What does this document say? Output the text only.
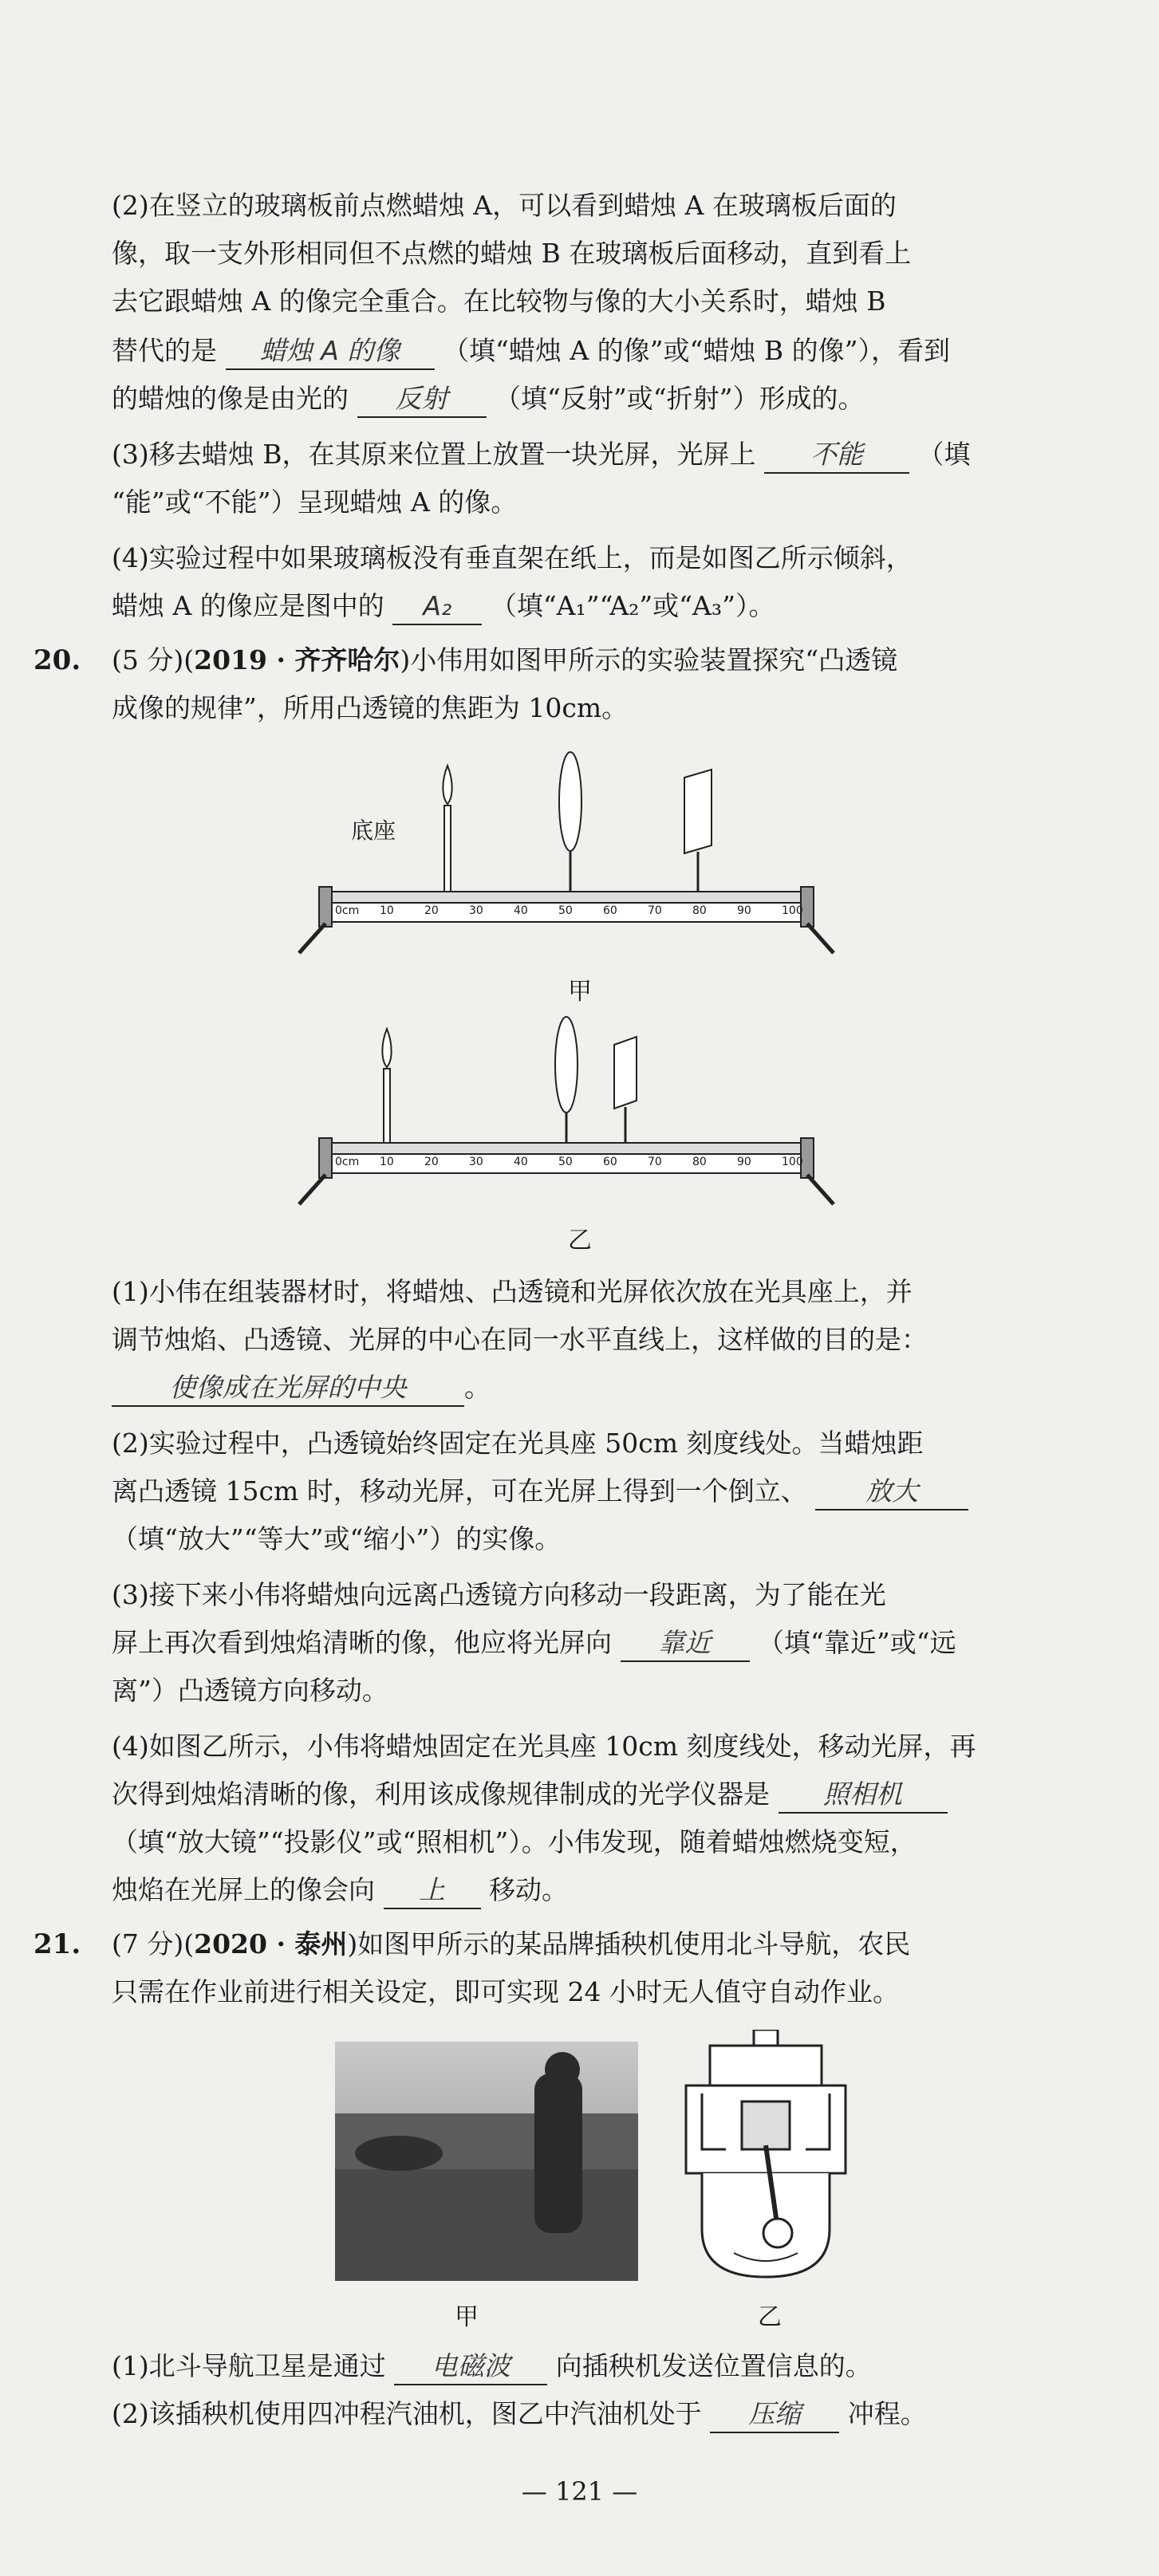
(2)在竖立的玻璃板前点燃蜡烛 A，可以看到蜡烛 A 在玻璃板后面的
像，取一支外形相同但不点燃的蜡烛 B 在玻璃板后面移动，直到看上
去它跟蜡烛 A 的像完全重合。在比较物与像的大小关系时，蜡烛 B
替代的是 蜡烛 A 的像 （填“蜡烛 A 的像”或“蜡烛 B 的像”），看到
的蜡烛的像是由光的 反射 （填“反射”或“折射”）形成的。
(3)移去蜡烛 B，在其原来位置上放置一块光屏，光屏上 不能 （填
“能”或“不能”）呈现蜡烛 A 的像。
(4)实验过程中如果玻璃板没有垂直架在纸上，而是如图乙所示倾斜，
蜡烛 A 的像应是图中的 A₂ （填“A₁”“A₂”或“A₃”）。
20. (5 分)(2019 · 齐齐哈尔)小伟用如图甲所示的实验装置探究“凸透镜
成像的规律”，所用凸透镜的焦距为 10cm。
底座
0cm 10	20	30	40	50	60	70	80	90	100
甲
0cm 10	20	30	40	50	60	70	80	90	100
乙
(1)小伟在组装器材时，将蜡烛、凸透镜和光屏依次放在光具座上，并
调节烛焰、凸透镜、光屏的中心在同一水平直线上，这样做的目的是：
使像成在光屏的中央 。
(2)实验过程中，凸透镜始终固定在光具座 50cm 刻度线处。当蜡烛距
离凸透镜 15cm 时，移动光屏，可在光屏上得到一个倒立、 放大
（填“放大”“等大”或“缩小”）的实像。
(3)接下来小伟将蜡烛向远离凸透镜方向移动一段距离，为了能在光
屏上再次看到烛焰清晰的像，他应将光屏向 靠近 （填“靠近”或“远
离”）凸透镜方向移动。
(4)如图乙所示，小伟将蜡烛固定在光具座 10cm 刻度线处，移动光屏，再
次得到烛焰清晰的像，利用该成像规律制成的光学仪器是 照相机
（填“放大镜”“投影仪”或“照相机”）。小伟发现，随着蜡烛燃烧变短，
烛焰在光屏上的像会向 上 移动。
21. (7 分)(2020 · 泰州)如图甲所示的某品牌插秧机使用北斗导航，农民
只需在作业前进行相关设定，即可实现 24 小时无人值守自动作业。
甲	乙
(1)北斗导航卫星是通过 电磁波 向插秧机发送位置信息的。
(2)该插秧机使用四冲程汽油机，图乙中汽油机处于 压缩 冲程。
— 121 —
